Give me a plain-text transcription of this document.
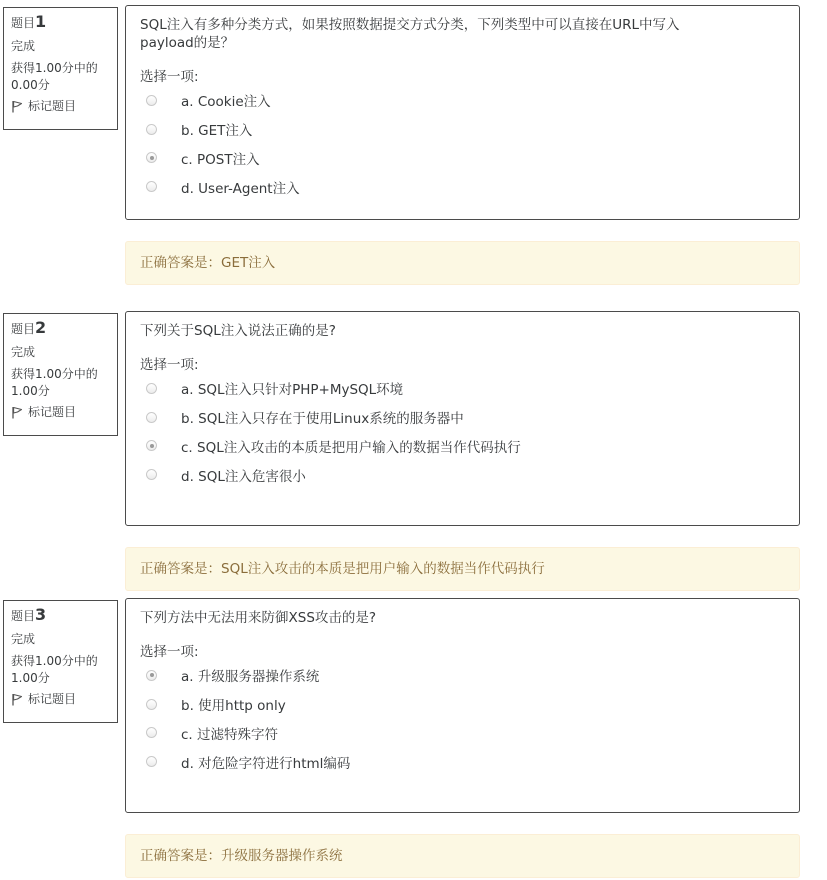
题目1
完成
获得1.00分中的 0.00分
标记题目
SQL注入有多种分类方式，如果按照数据提交方式分类，下列类型中可以直接在URL中写入payload的是？
选择一项:
a. Cookie注入
b. GET注入
c. POST注入
d. User-Agent注入
正确答案是：GET注入
题目2
完成
获得1.00分中的 1.00分
标记题目
下列关于SQL注入说法正确的是?
选择一项:
a. SQL注入只针对PHP+MySQL环境
b. SQL注入只存在于使用Linux系统的服务器中
c. SQL注入攻击的本质是把用户输入的数据当作代码执行
d. SQL注入危害很小
正确答案是：SQL注入攻击的本质是把用户输入的数据当作代码执行
题目3
完成
获得1.00分中的 1.00分
标记题目
下列方法中无法用来防御XSS攻击的是?
选择一项:
a. 升级服务器操作系统
b. 使用http only
c. 过滤特殊字符
d. 对危险字符进行html编码
正确答案是：升级服务器操作系统
